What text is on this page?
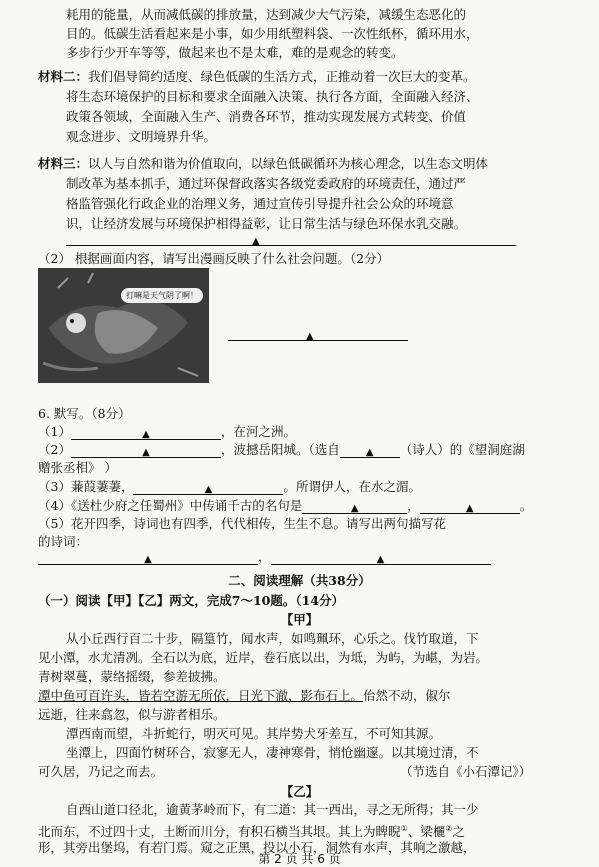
耗用的能量，从而减低碳的排放量，达到减少大气污染，减缓生态恶化的
目的。低碳生活看起来是小事，如少用纸塑料袋、一次性纸杯，循环用水，
多步行少开车等等，做起来也不是太难，难的是观念的转变。
材料二： 我们倡导简约适度、绿色低碳的生活方式，正推动着一次巨大的变革。
将生态环境保护的目标和要求全面融入决策、执行各方面，全面融入经济、
政策各领域，全面融入生产、消费各环节，推动实现发展方式转变、价值
观念进步、文明境界升华。
材料三： 以人与自然和谐为价值取向，以绿色低碳循环为核心理念，以生态文明体
制改革为基本抓手，通过环保督政落实各级党委政府的环境责任，通过严
格监管强化行政企业的治理义务，通过宣传引导提升社会公众的环境意
识，让经济发展与环境保护相得益彰，让日常生活与绿色环保水乳交融。
▲
（2） 根据画面内容，请写出漫画反映了什么社会问题。（2分）
打嘛是天气阴了啊！
▲
6. 默写。（8分）
（1）	▲	，在河之洲。
（2）	▲	，波撼岳阳城。（选自	▲ （诗人）的《望洞庭湖
赠张丞相》 ）
（3）蒹葭萋萋，	▲	。所谓伊人，在水之湄。
（4）《送杜少府之任蜀州》中传诵千古的名句是	▲	，	▲	。
（5）花开四季，诗词也有四季，代代相传，生生不息。请写出两句描写花
的诗词：
▲	，	▲
二、阅读理解（共38分）
（一）阅读【甲】【乙】两文，完成7～10题。（14分）
【甲】
从小丘西行百二十步，隔篁竹，闻水声，如鸣珮环，心乐之。伐竹取道，下
见小潭，水尤清冽。全石以为底，近岸，卷石底以出，为坻，为屿，为嵁，为岩。
青树翠蔓，蒙络摇缀，参差披拂。
潭中鱼可百许头，皆若空游无所依，日光下澈，影布石上。佁然不动，俶尔
远逝，往来翕忽，似与游者相乐。
潭西南而望，斗折蛇行，明灭可见。其岸势犬牙差互，不可知其源。
坐潭上，四面竹树环合，寂寥无人，凄神寒骨，悄怆幽邃。以其境过清，不
可久居，乃记之而去。	（节选自《小石潭记》）
【乙】
自西山道口径北，逾黄茅岭而下，有二道：其一西出，寻之无所得；其一少
北而东，不过四十丈，土断而川分，有积石横当其垠。其上为睥睨①、梁欐②之
形，其旁出堡坞，有若门焉。窥之正黑，投以小石，洞然有水声，其响之激越，
第 2 页 共 6 页
